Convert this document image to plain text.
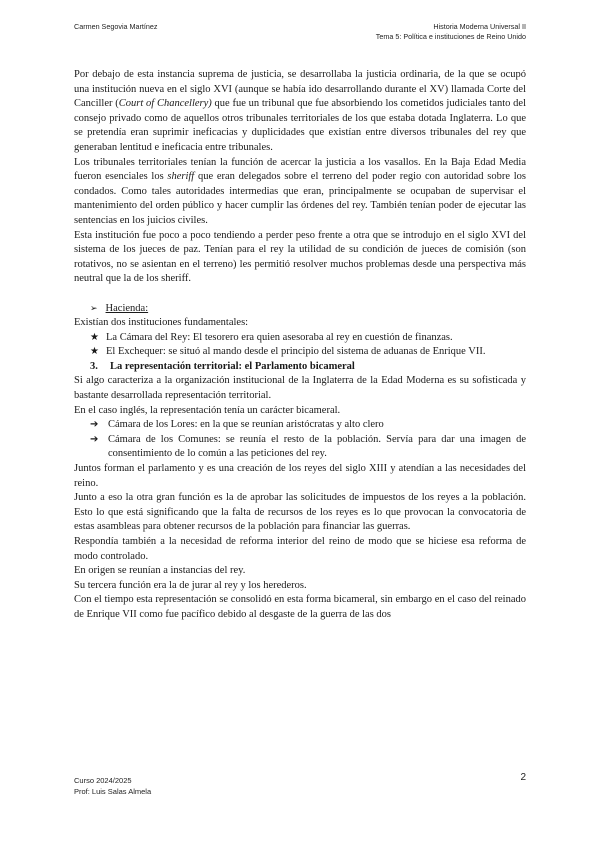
Carmen Segovia Martínez	Historia Moderna Universal II
Tema 5: Política e instituciones de Reino Unido

Por debajo de esta instancia suprema de justicia, se desarrollaba la justicia ordinaria, de la que se ocupó una institución nueva en el siglo XVI (aunque se había ido desarrollando durante el XV) llamada Corte del Canciller (Court of Chancellery) que fue un tribunal que fue absorbiendo los cometidos judiciales tanto del consejo privado como de aquellos otros tribunales territoriales de los que estaba dotada Inglaterra. Lo que se pretendía eran suprimir ineficacias y duplicidades que existían entre diversos tribunales del rey que generaban lentitud e ineficacia entre tribunales.

Los tribunales territoriales tenían la función de acercar la justicia a los vasallos. En la Baja Edad Media fueron esenciales los sheriff que eran delegados sobre el terreno del poder regio con autoridad sobre los condados. Como tales autoridades intermedias que eran, principalmente se ocupaban de supervisar el mantenimiento del orden público y hacer cumplir las órdenes del rey. También tenían poder de ejecutar las sentencias en los juicios civiles.

Esta institución fue poco a poco tendiendo a perder peso frente a otra que se introdujo en el siglo XVI del sistema de los jueces de paz. Tenían para el rey la utilidad de su condición de jueces de comisión (son rotativos, no se asientan en el terreno) les permitió resolver muchos problemas desde una perspectiva más neutral que la de los sheriff.

➢ Hacienda:

Existían dos instituciones fundamentales:

★ La Cámara del Rey: El tesorero era quien asesoraba al rey en cuestión de finanzas.
★ El Exchequer: se situó al mando desde el principio del sistema de aduanas de Enrique VII.
3. La representación territorial: el Parlamento bicameral

Si algo caracteriza a la organización institucional de la Inglaterra de la Edad Moderna es su sofisticada y bastante desarrollada representación territorial.

En el caso inglés, la representación tenía un carácter bicameral.

➔ Cámara de los Lores: en la que se reunían aristócratas y alto clero
➔ Cámara de los Comunes: se reunía el resto de la población. Servía para dar una imagen de consentimiento de lo común a las peticiones del rey.

Juntos forman el parlamento y es una creación de los reyes del siglo XIII y atendían a las necesidades del reino.

Junto a eso la otra gran función es la de aprobar las solicitudes de impuestos de los reyes a la población. Esto lo que está significando que la falta de recursos de los reyes es lo que provocan la convocatoria de estas asambleas para obtener recursos de la población para financiar las guerras.

Respondía también a la necesidad de reforma interior del reino de modo que se hiciese esa reforma de modo controlado.

En origen se reunían a instancias del rey.

Su tercera función era la de jurar al rey y los herederos.

Con el tiempo esta representación se consolidó en esta forma bicameral, sin embargo en el caso del reinado de Enrique VII como fue pacífico debido al desgaste de la guerra de las dos

Curso 2024/2025
Prof: Luis Salas Almela
2
